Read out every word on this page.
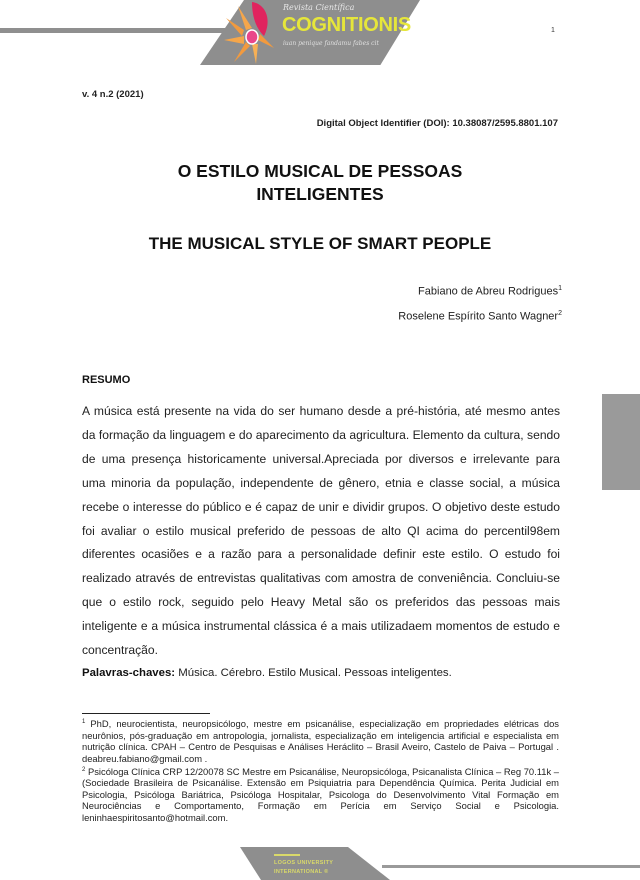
Revista Científica
COGNITIONIS
iuan penique fandamu fabes cit
1
v. 4 n.2 (2021)
Digital Object Identifier (DOI): 10.38087/2595.8801.107
O ESTILO MUSICAL DE PESSOAS
INTELIGENTES
THE MUSICAL STYLE OF SMART PEOPLE
Fabiano de Abreu Rodrigues$^1$
Roselene Espírito Santo Wagner$^2$
RESUMO
A música está presente na vida do ser humano desde a pré-história, até mesmo antes da formação da linguagem e do aparecimento da agricultura. Elemento da cultura, sendo de uma presença historicamente universal.Apreciada por diversos e irrelevante para uma minoria da população, independente de gênero, etnia e classe social, a música recebe o interesse do público e é capaz de unir e dividir grupos. O objetivo deste estudo foi avaliar o estilo musical preferido de pessoas de alto QI acima do percentil98em diferentes ocasiões e a razão para a personalidade definir este estilo. O estudo foi realizado através de entrevistas qualitativas com amostra de conveniência. Concluiu-se que o estilo rock, seguido pelo Heavy Metal são os preferidos das pessoas mais inteligente e a música instrumental clássica é a mais utilizadaem momentos de estudo e concentração.
Palavras-chaves: Música. Cérebro. Estilo Musical. Pessoas inteligentes.
$^1$ PhD, neurocientista, neuropsicólogo, mestre em psicanálise, especialização em propriedades elétricas dos neurônios, pós-graduação em antropologia, jornalista, especialização em inteligencia artificial e especialista em nutrição clínica. CPAH – Centro de Pesquisas e Análises Heráclito – Brasil Aveiro, Castelo de Paiva – Portugal . deabreu.fabiano@gmail.com .
$^2$ Psicóloga Clínica CRP 12/20078 SC Mestre em Psicanálise, Neuropsicóloga, Psicanalista Clínica – Reg 70.11k – (Sociedade Brasileira de Psicanálise. Extensão em Psiquiatria para Dependência Química. Perita Judicial em Psicologia, Psicóloga Bariátrica, Psicóloga Hospitalar, Psicologa do Desenvolvimento Vital Formação em Neurociências e Comportamento, Formação em Perícia em Serviço Social e Psicologia. leninhaespiritosanto@hotmail.com.
LOGOS UNIVERSITY
INTERNATIONAL ®
